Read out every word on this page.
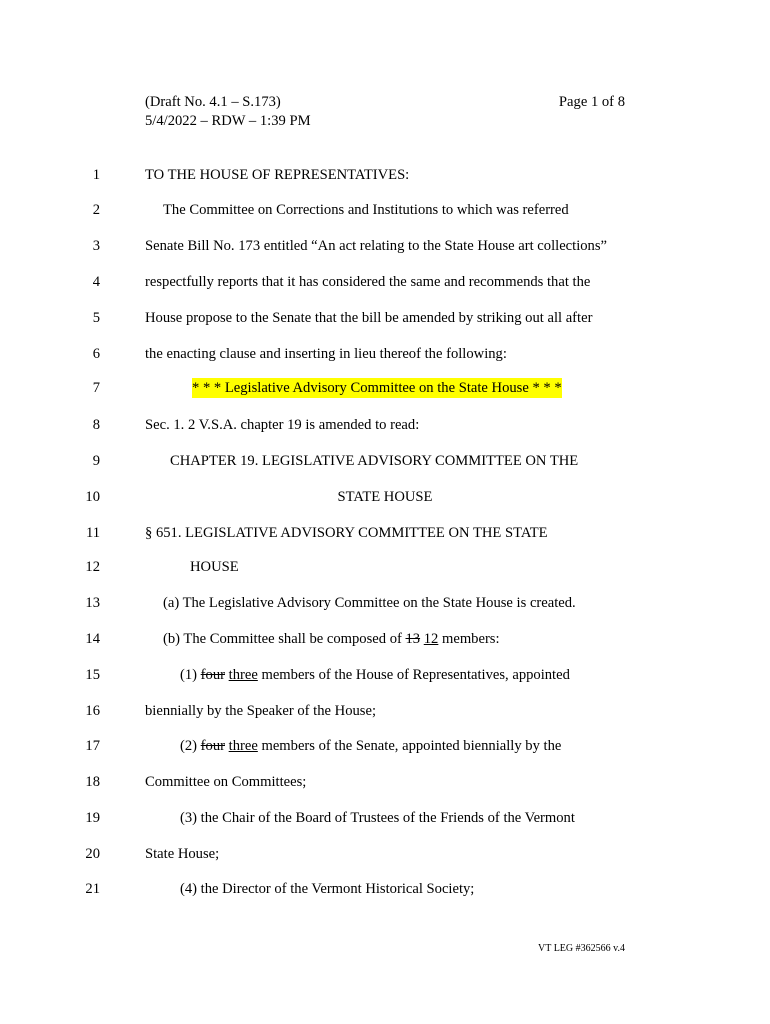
(Draft No. 4.1 – S.173)
5/4/2022 – RDW – 1:39 PM
Page 1 of 8
1	TO THE HOUSE OF REPRESENTATIVES:
2	The Committee on Corrections and Institutions to which was referred
3	Senate Bill No. 173 entitled “An act relating to the State House art collections”
4	respectfully reports that it has considered the same and recommends that the
5	House propose to the Senate that the bill be amended by striking out all after
6	the enacting clause and inserting in lieu thereof the following:
7	* * * Legislative Advisory Committee on the State House * * *
8	Sec. 1. 2 V.S.A. chapter 19 is amended to read:
9	CHAPTER 19. LEGISLATIVE ADVISORY COMMITTEE ON THE
10	STATE HOUSE
11	§ 651. LEGISLATIVE ADVISORY COMMITTEE ON THE STATE
12	HOUSE
13	(a) The Legislative Advisory Committee on the State House is created.
14	(b) The Committee shall be composed of 13 12 members:
15	(1) four three members of the House of Representatives, appointed
16	biennially by the Speaker of the House;
17	(2) four three members of the Senate, appointed biennially by the
18	Committee on Committees;
19	(3) the Chair of the Board of Trustees of the Friends of the Vermont
20	State House;
21	(4) the Director of the Vermont Historical Society;
VT LEG #362566 v.4
